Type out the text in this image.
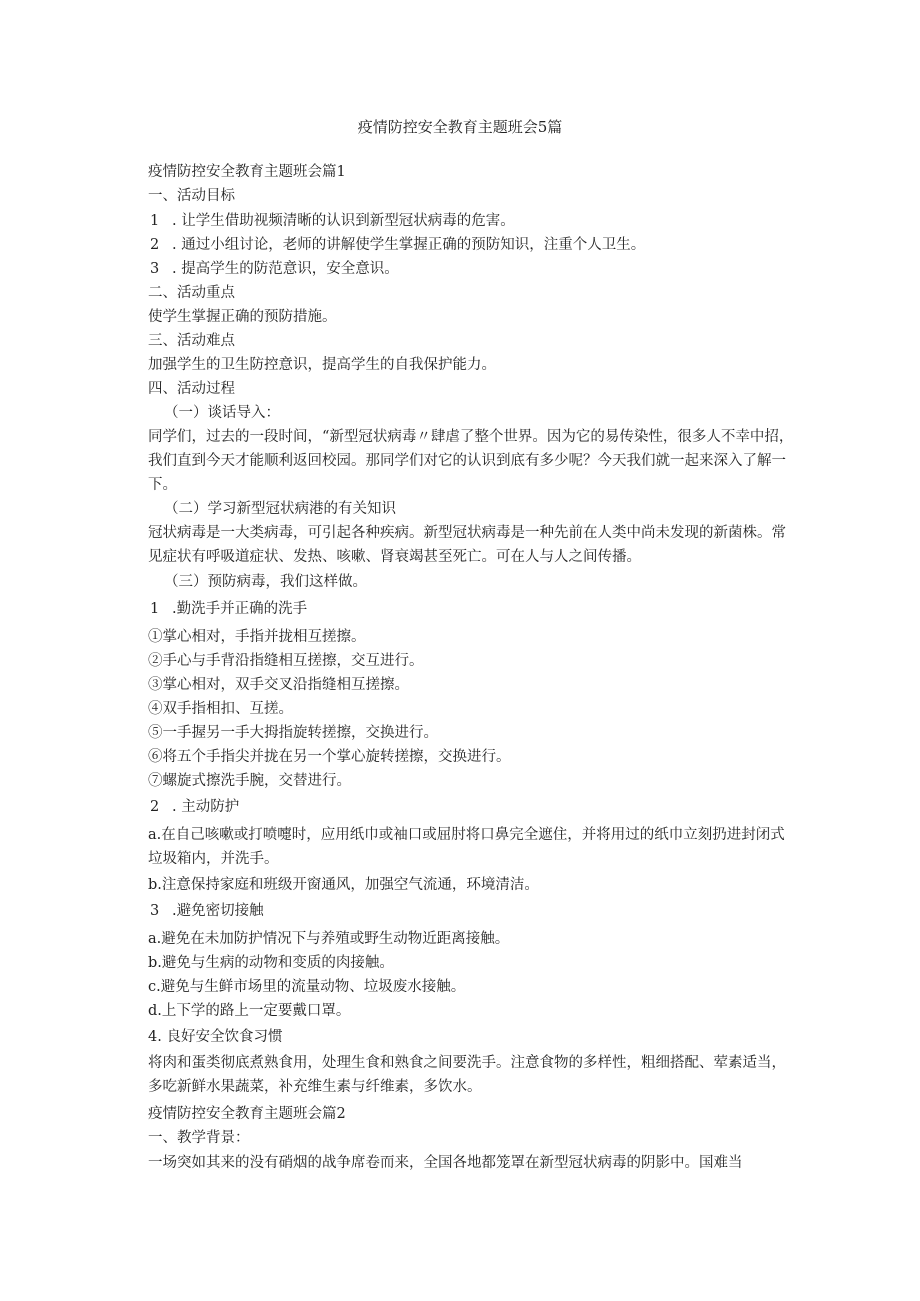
疫情防控安全教育主题班会5篇
疫情防控安全教育主题班会篇1
一、活动目标
1 . 让学生借助视频清晰的认识到新型冠状病毒的危害。
2 . 通过小组讨论，老师的讲解使学生掌握正确的预防知识，注重个人卫生。
3 . 提高学生的防范意识，安全意识。
二、活动重点
使学生掌握正确的预防措施。
三、活动难点
加强学生的卫生防控意识，提高学生的自我保护能力。
四、活动过程
（一）谈话导入：
同学们，过去的一段时间，“新型冠状病毒〃肆虐了整个世界。因为它的易传染性，很多人不幸中招，我们直到今天才能顺利返回校园。那同学们对它的认识到底有多少呢？今天我们就一起来深入了解一下。
（二）学习新型冠状病港的有关知识
冠状病毒是一大类病毒，可引起各种疾病。新型冠状病毒是一种先前在人类中尚未发现的新菌株。常见症状有呼吸道症状、发热、咳嗽、肾衰竭甚至死亡。可在人与人之间传播。
（三）预防病毒，我们这样做。
1 .勤洗手并正确的洗手
①掌心相对，手指并拢相互搓擦。
②手心与手背沿指缝相互搓擦，交互进行。
③掌心相对，双手交叉沿指缝相互搓擦。
④双手指相扣、互搓。
⑤一手握另一手大拇指旋转搓擦，交换进行。
⑥将五个手指尖并拢在另一个掌心旋转搓擦，交换进行。
⑦螺旋式擦洗手腕，交替进行。
2 . 主动防护
a.在自己咳嗽或打喷嚏时，应用纸巾或袖口或屈肘将口鼻完全遮住，并将用过的纸巾立刻扔进封闭式垃圾箱内，并洗手。
b.注意保持家庭和班级开窗通风，加强空气流通，环境清洁。
3 .避免密切接触
a.避免在未加防护情况下与养殖或野生动物近距离接触。
b.避免与生病的动物和变质的肉接触。
c.避免与生鲜市场里的流量动物、垃圾废水接触。
d.上下学的路上一定要戴口罩。
4. 良好安全饮食习惯
将肉和蛋类彻底煮熟食用，处理生食和熟食之间要洗手。注意食物的多样性，粗细搭配、荤素适当，多吃新鲜水果蔬菜，补充维生素与纤维素，多饮水。
疫情防控安全教育主题班会篇2
一、教学背景：
一场突如其来的没有硝烟的战争席卷而来，全国各地都笼罩在新型冠状病毒的阴影中。国难当
